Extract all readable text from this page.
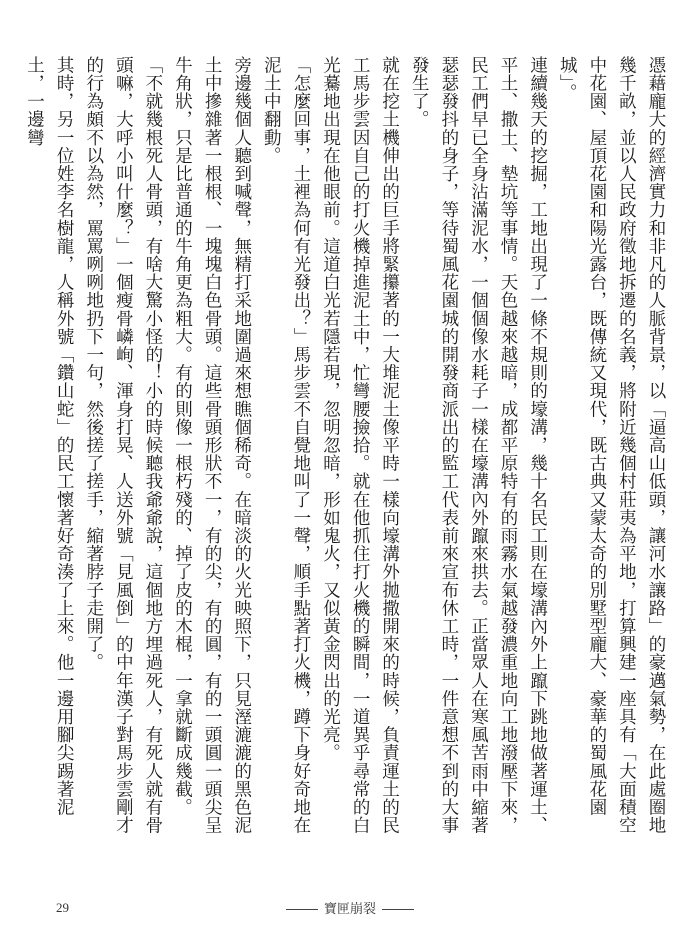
憑藉龐大的經濟實力和非凡的人脈背景，以「逼高山低頭，讓河水讓路」的豪邁氣勢，在此處圈地幾千畝，並以人民政府徵地拆遷的名義，將附近幾個村莊夷為平地，打算興建一座具有「大面積空中花園、屋頂花園和陽光露台，既傳統又現代，既古典又蒙太奇的別墅型龐大、豪華的蜀風花園城」。

連續幾天的挖掘，工地出現了一條不規則的壕溝，幾十名民工則在壕溝內外上躥下跳地做著運土、平土、撒土、墊坑等事情。天色越來越暗，成都平原特有的雨霧水氣越發濃重地向工地潑壓下來，民工們早已全身沾滿泥水，一個個像水耗子一樣在壕溝內外躥來拱去。正當眾人在寒風苦雨中縮著瑟瑟發抖的身子，等待蜀風花園城的開發商派出的監工代表前來宣布休工時，一件意想不到的大事發生了。

就在挖土機伸出的巨手將緊攥著的一大堆泥土像平時一樣向壕溝外拋撒開來的時候，負責運土的民工馬步雲因自己的打火機掉進泥土中，忙彎腰撿拾。就在他抓住打火機的瞬間，一道異乎尋常的白光驀地出現在他眼前。這道白光若隱若現，忽明忽暗，形如鬼火，又似黃金閃出的光亮。

「怎麼回事，土裡為何有光發出？」馬步雲不自覺地叫了一聲，順手點著打火機，蹲下身好奇地在泥土中翻動。

旁邊幾個人聽到喊聲，無精打采地圍過來想瞧個稀奇。在暗淡的火光映照下，只見溼漉漉的黑色泥土中摻雜著一根根、一塊塊白色骨頭。這些骨頭形狀不一，有的尖，有的圓，有的一頭圓一頭尖呈牛角狀，只是比普通的牛角更為粗大。有的則像一根朽殘的、掉了皮的木棍，一拿就斷成幾截。

「不就幾根死人骨頭，有啥大驚小怪的！小的時候聽我爺爺說，這個地方埋過死人，有死人就有骨頭嘛，大呼小叫什麼？」一個瘦骨嶙峋、渾身打晃、人送外號「見風倒」的中年漢子對馬步雲剛才的行為頗不以為然，罵罵咧咧地扔下一句，然後搓了搓手，縮著脖子走開了。

其時，另一位姓李名樹龍，人稱外號「鑽山蛇」的民工懷著好奇湊了上來。他一邊用腳尖踢著泥土，一邊彎

29	寶匣崩裂
